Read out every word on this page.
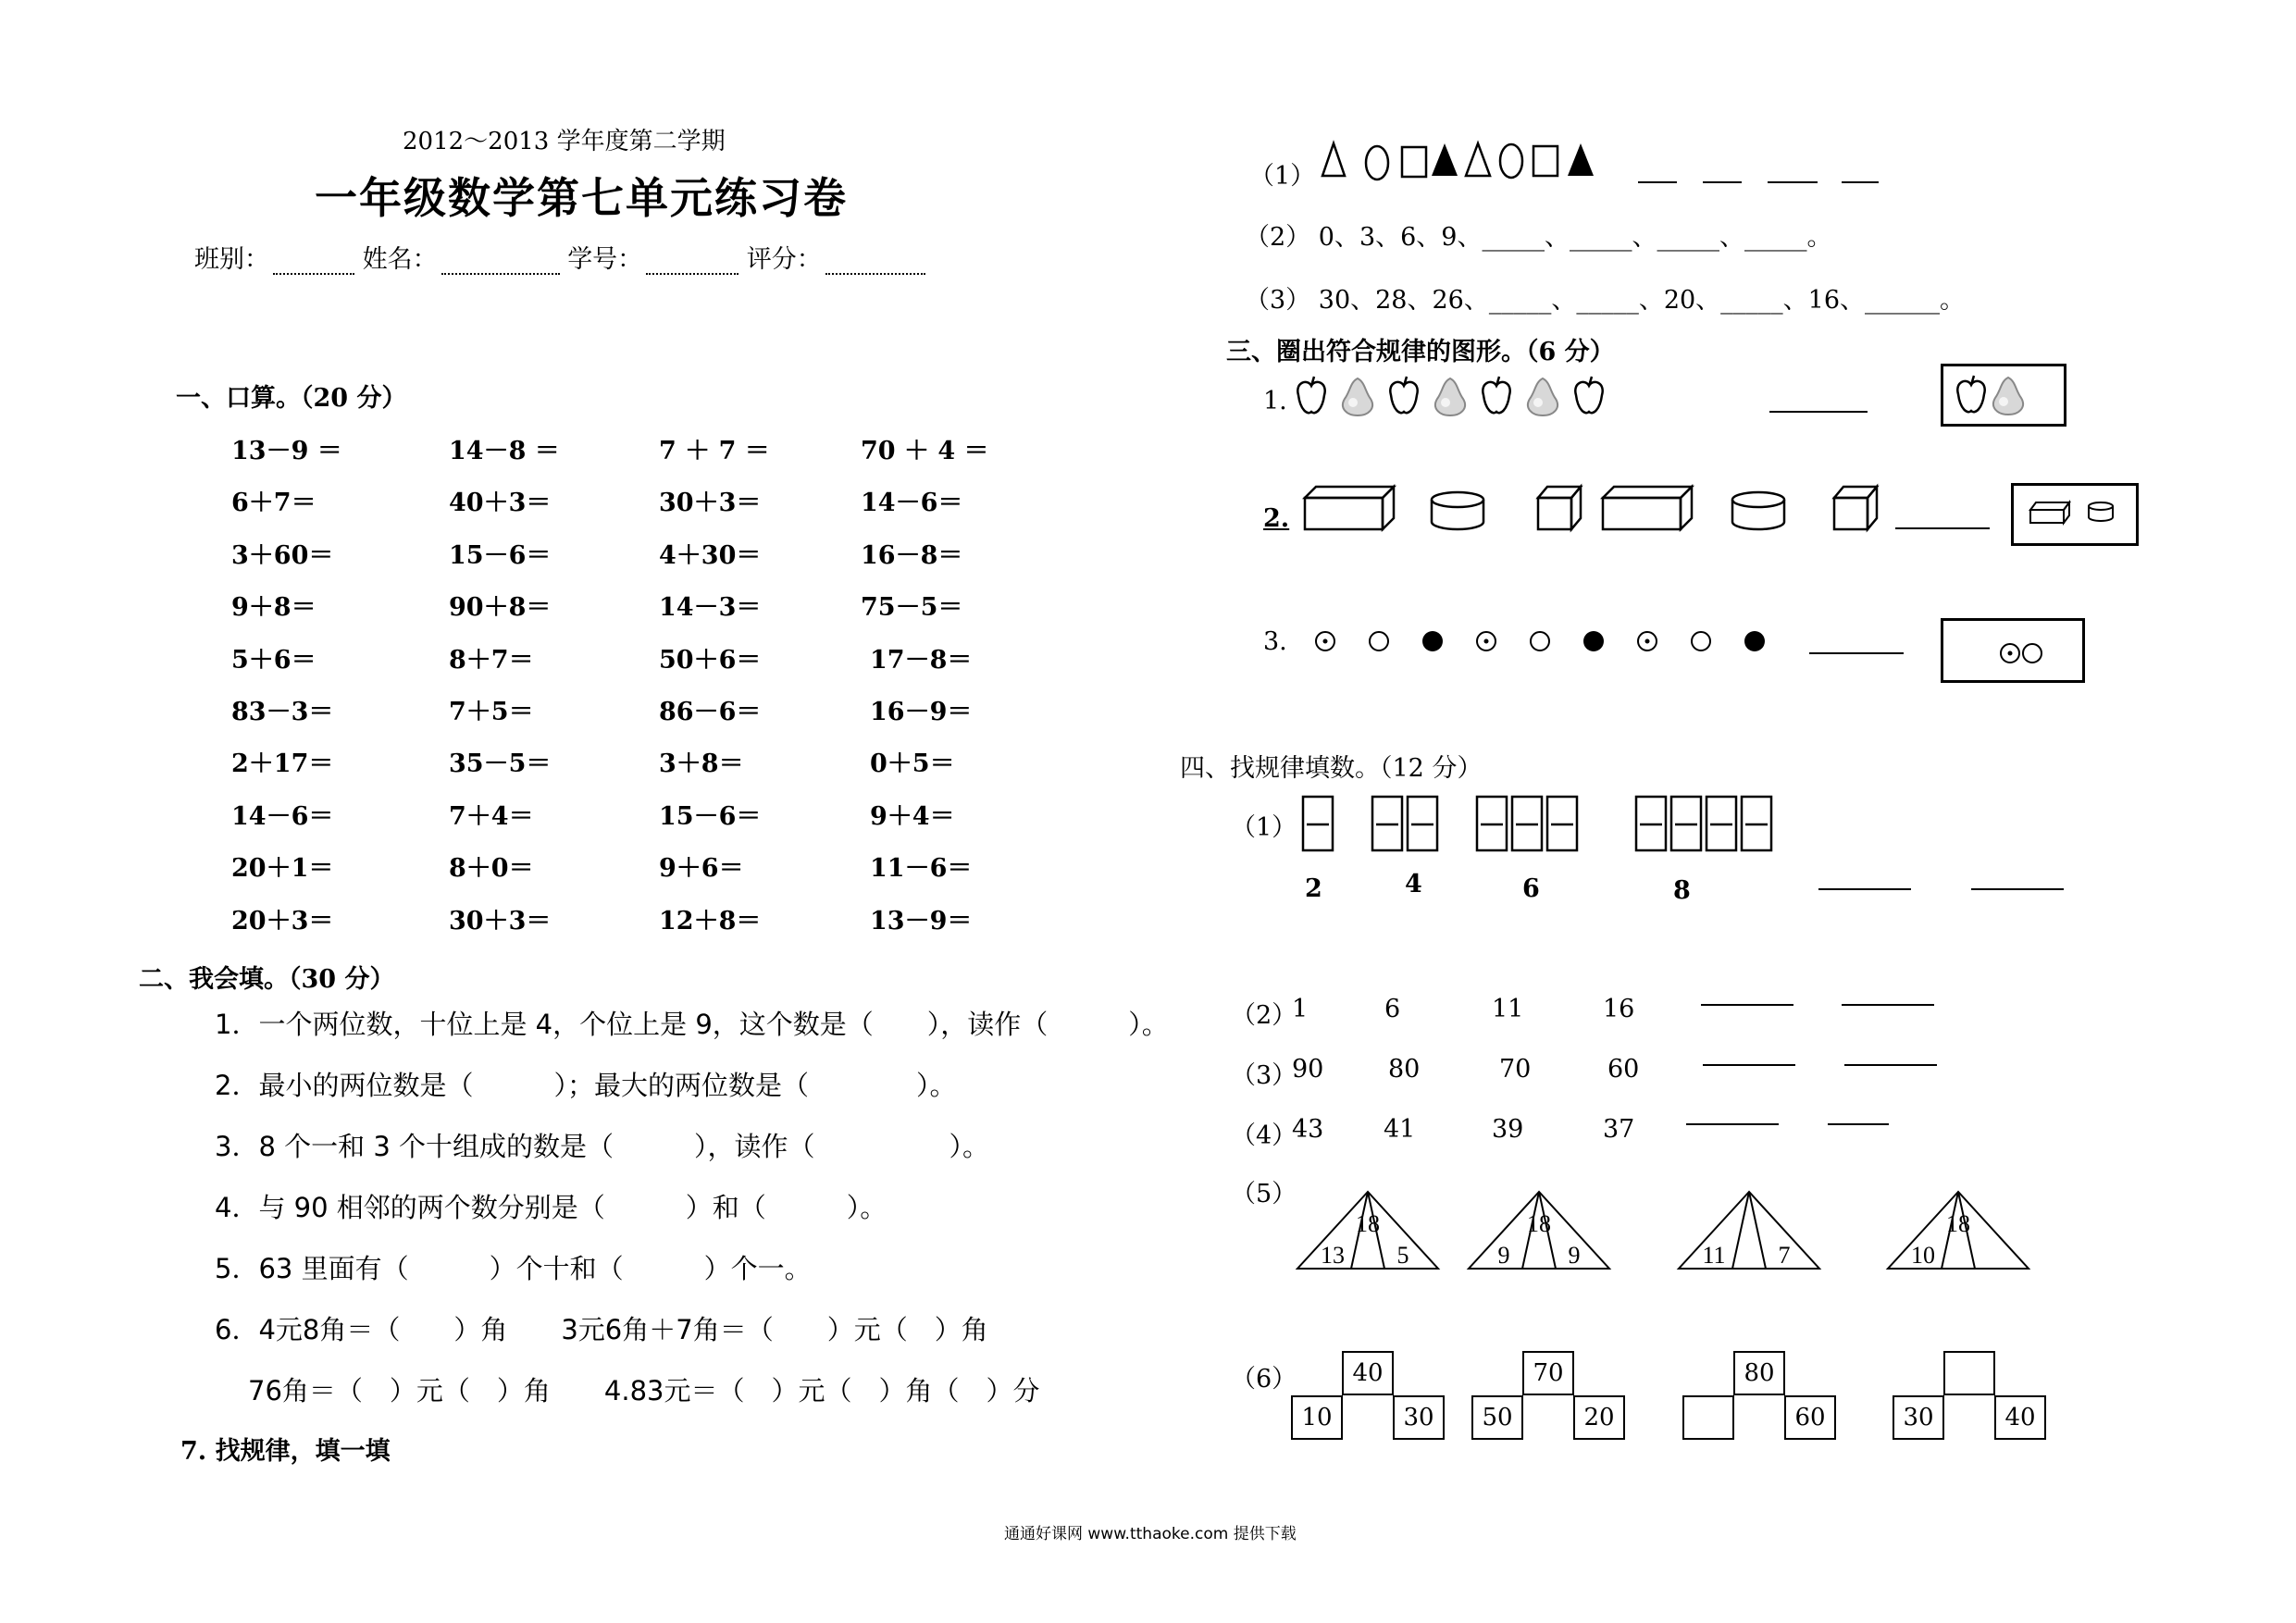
2012～2013 学年度第二学期
一年级数学第七单元练习卷
班别：	姓名：	学号：	评分：
一、口算。（20 分）
13－9 ＝	14－8 ＝	7 ＋ 7 ＝	70 ＋ 4 ＝
6＋7＝	40＋3＝	30＋3＝	14－6＝
3＋60＝	15－6＝	4＋30＝	16－8＝
9＋8＝	90＋8＝	14－3＝	75－5＝
5＋6＝	8＋7＝	50＋6＝	17－8＝
83－3＝	7＋5＝	86－6＝	16－9＝
2＋17＝	35－5＝	3＋8＝	0＋5＝
14－6＝	7＋4＝	15－6＝	9＋4＝
20＋1＝	8＋0＝	9＋6＝	11－6＝
20＋3＝	30＋3＝	12＋8＝	13－9＝
二、我会填。（30 分）
1．一个两位数，十位上是 4，个位上是 9，这个数是（　　），读作（　　　）。
2．最小的两位数是（　　　）；最大的两位数是（　　　　）。
3．8 个一和 3 个十组成的数是（　　　），读作（　　　　　）。
4．与 90 相邻的两个数分别是（　　　）和（　　　）。
5．63 里面有（　　　）个十和（　　　）个一。
6．4元8角＝（　　）角　　3元6角＋7角＝（　　）元（　）角
76角＝（　）元（　）角　　4.83元＝（　）元（　）角（　）分
7. 找规律，填一填
（1）
（2） 0、3、6、9、_____、_____、_____、_____。
（3） 30、28、26、_____、_____、20、_____、16、______。
三、圈出符合规律的图形。（6 分）
1.
2.
3.
四、找规律填数。（12 分）
（1）
2	4	6	8
（2）
1	6	11	16
（3）
90	80	70	60
（4）
43 41	39	37
（5）
18
13 5
18
9 9	11 7
18
10
（6）	40
10	30
70
50	20
80
60	30	40
通通好课网 www.tthaoke.com 提供下载
